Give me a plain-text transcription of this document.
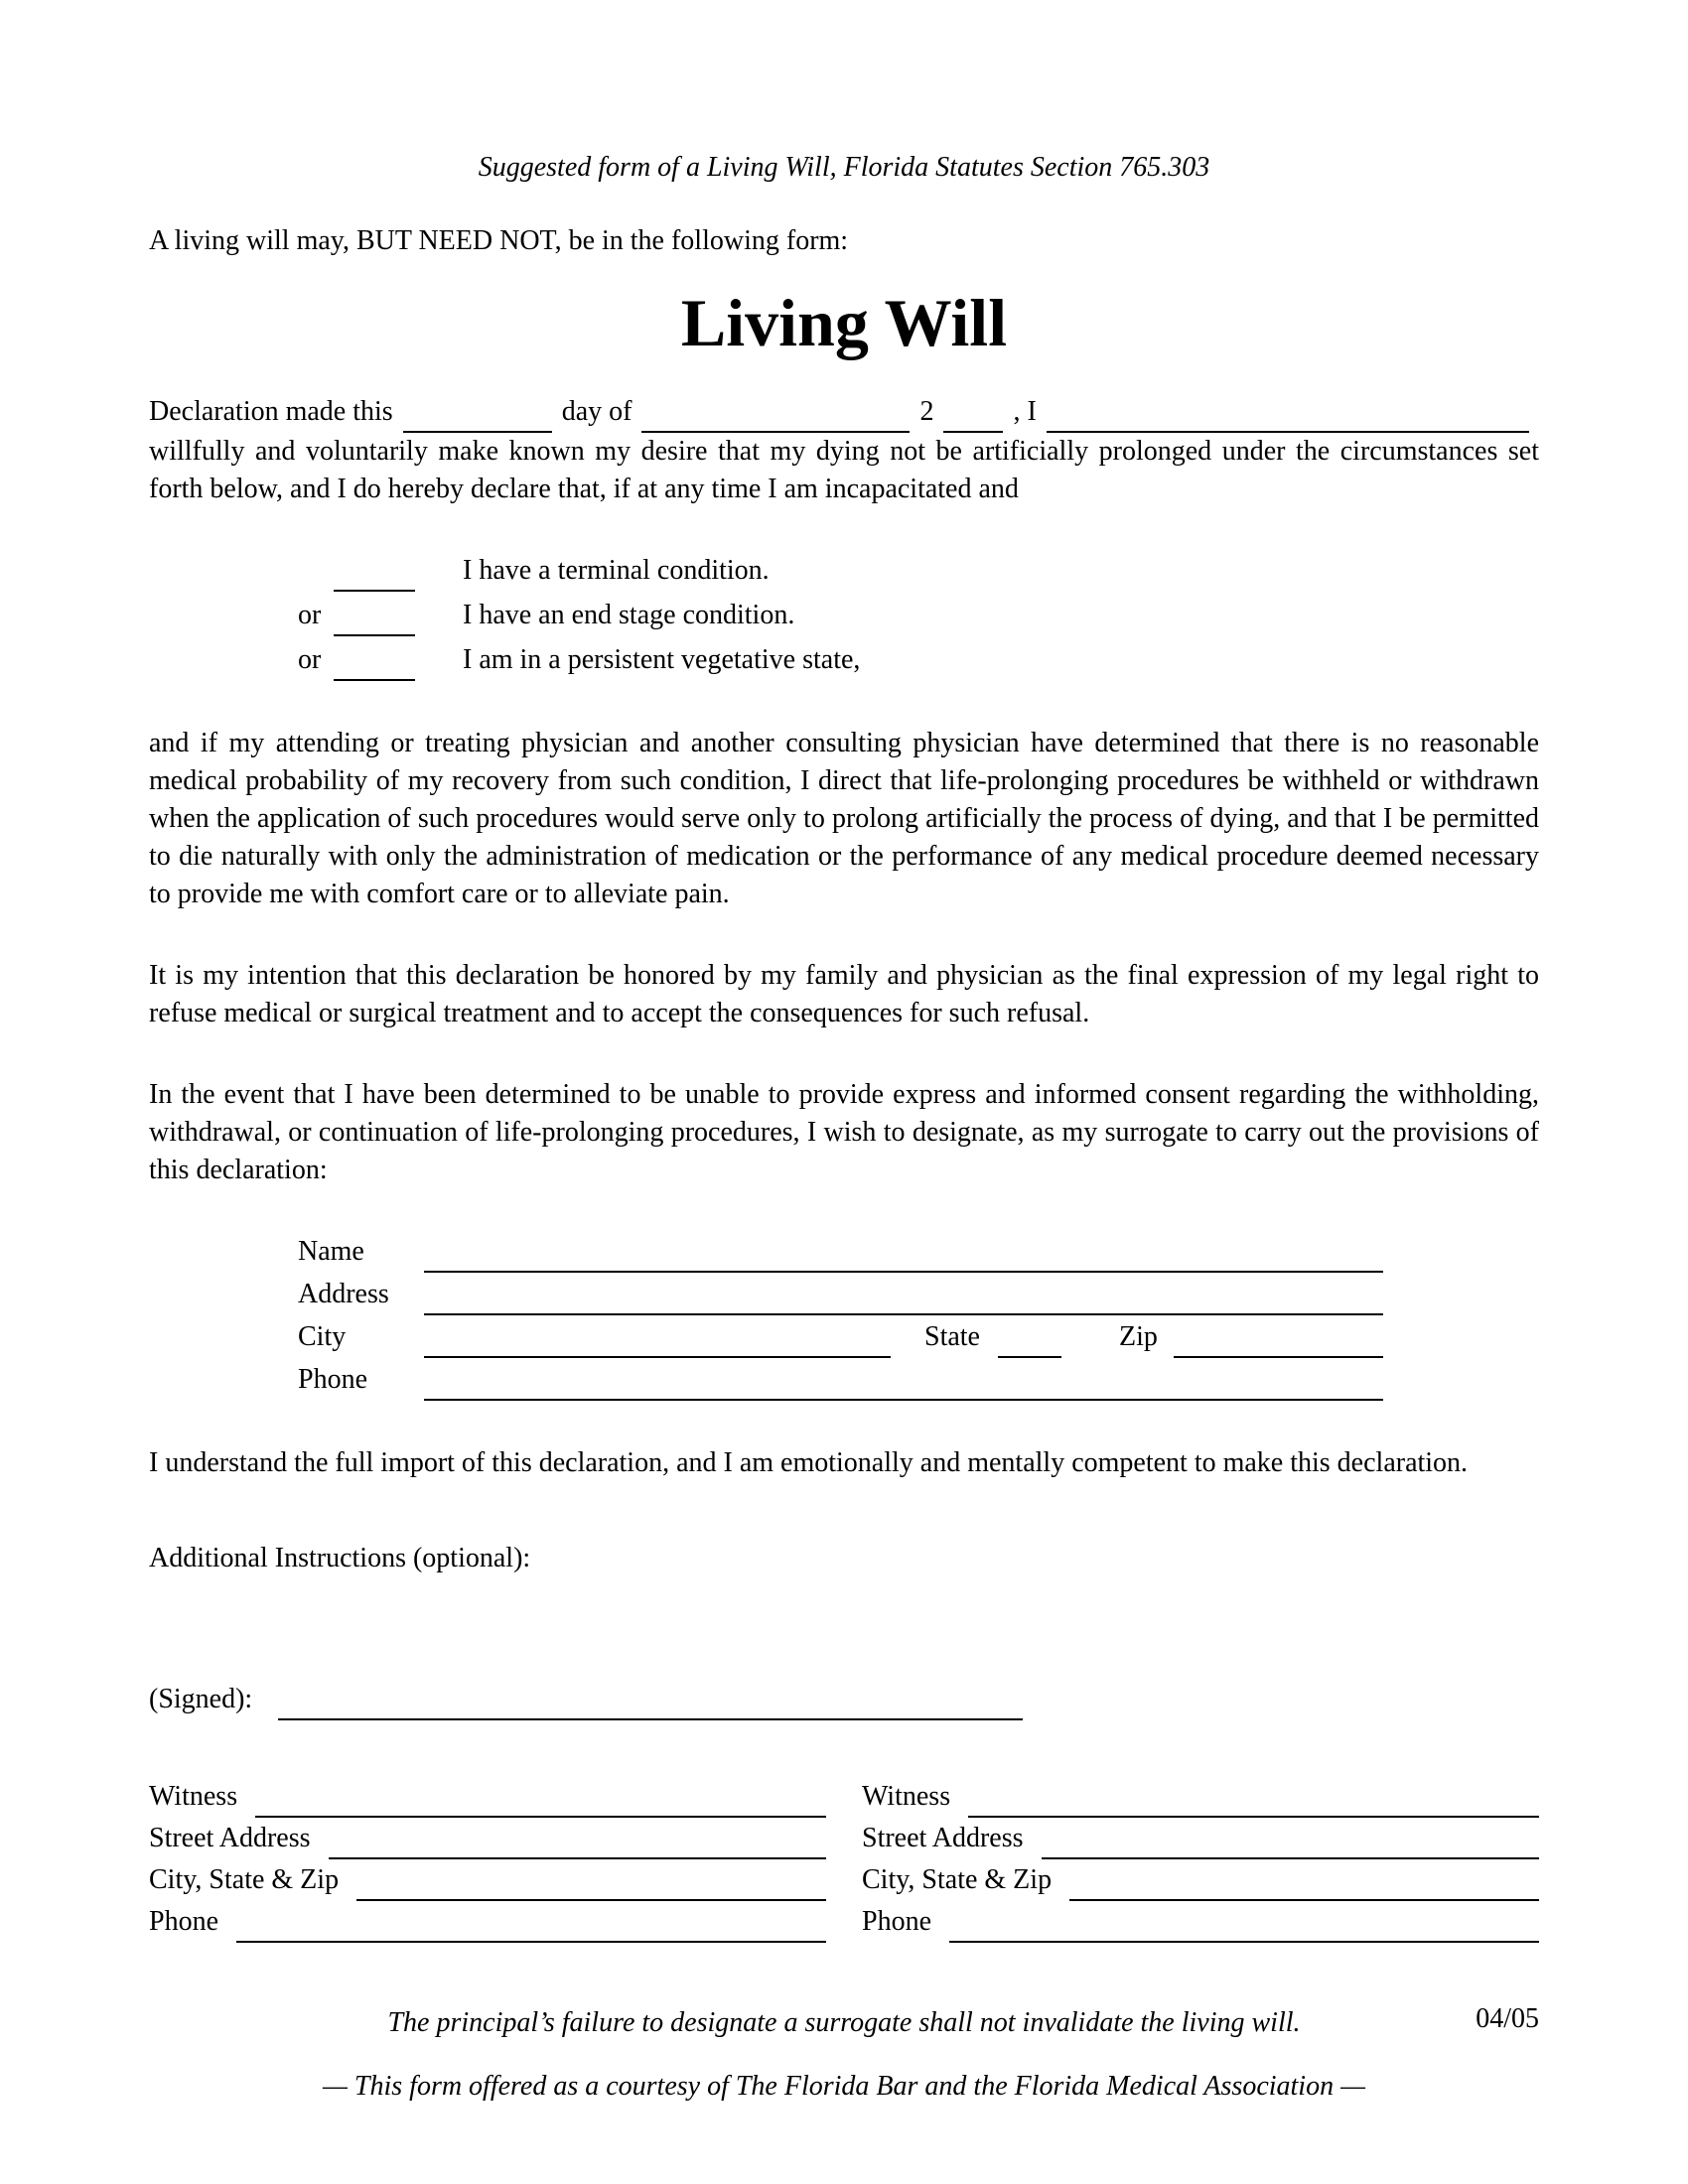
Suggested form of a Living Will, Florida Statutes Section 765.303
A living will may, BUT NEED NOT, be in the following form:
Living Will
Declaration made this
	day of
	2
	, I

willfully and voluntarily make known my desire that my dying not be artificially prolonged under the circumstances set forth below, and I do hereby declare that, if at any time I am incapacitated and

I have a terminal condition.
or
	I have an end stage condition.
or
	I am in a persistent vegetative state,

and if my attending or treating physician and another consulting physician have determined that there is no reasonable medical probability of my recovery from such condition, I direct that life-prolonging procedures be withheld or withdrawn when the application of such procedures would serve only to prolong artificially the process of dying, and that I be permitted to die naturally with only the administration of medication or the performance of any medical procedure deemed necessary to provide me with comfort care or to alleviate pain.

It is my intention that this declaration be honored by my family and physician as the final expression of my legal right to refuse medical or surgical treatment and to accept the consequences for such refusal.

In the event that I have been determined to be unable to provide express and informed consent regarding the withholding, withdrawal, or continuation of life-prolonging procedures, I wish to designate, as my surrogate to carry out the provisions of this declaration:

Name

Address

City
	State
	Zip

Phone

I understand the full import of this declaration, and I am emotionally and mentally competent to make this declaration.

Additional Instructions (optional):
(Signed):

Witness

Street Address

City, State & Zip

Phone

Witness

Street Address

City, State & Zip

Phone

The principal’s failure to designate a surrogate shall not invalidate the living will.
— This form offered as a courtesy of The Florida Bar and the Florida Medical Association —
04/05
